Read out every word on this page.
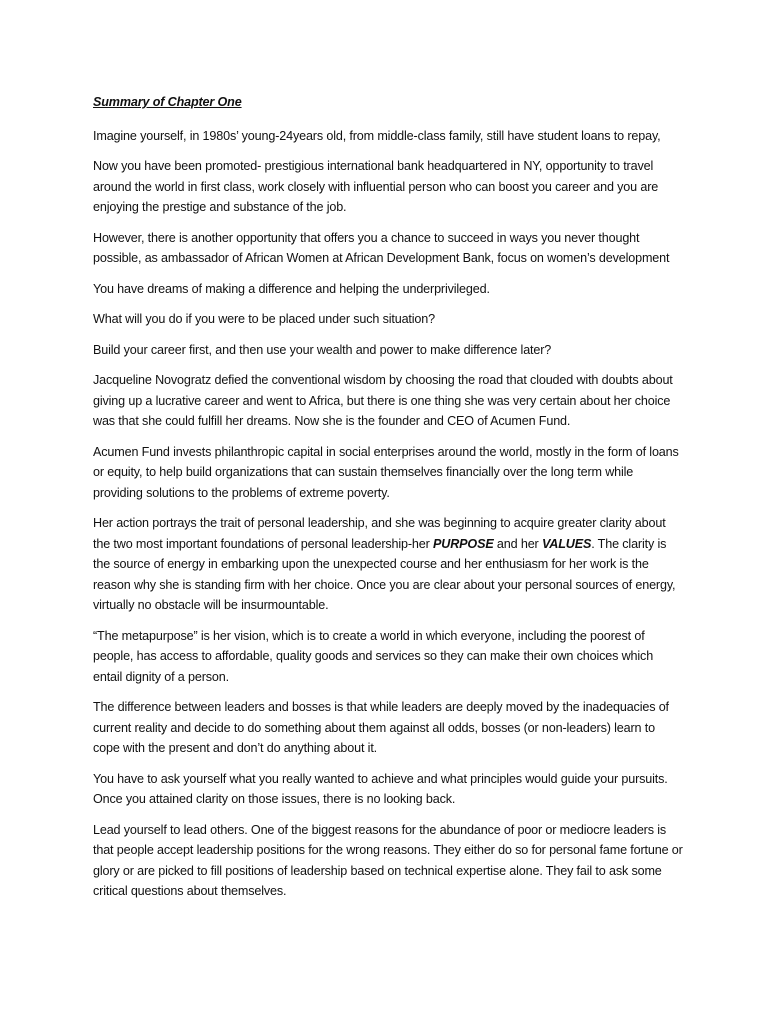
Summary of Chapter One

Imagine yourself, in 1980s’ young-24years old, from middle-class family, still have student loans to repay,

Now you have been promoted- prestigious international bank headquartered in NY, opportunity to travel around the world in first class, work closely with influential person who can boost you career and you are enjoying the prestige and substance of the job.

However, there is another opportunity that offers you a chance to succeed in ways you never thought possible, as ambassador of African Women at African Development Bank, focus on women’s development

You have dreams of making a difference and helping the underprivileged.

What will you do if you were to be placed under such situation?

Build your career first, and then use your wealth and power to make difference later?

Jacqueline Novogratz defied the conventional wisdom by choosing the road that clouded with doubts about giving up a lucrative career and went to Africa, but there is one thing she was very certain about her choice was that she could fulfill her dreams. Now she is the founder and CEO of Acumen Fund.

Acumen Fund invests philanthropic capital in social enterprises around the world, mostly in the form of loans or equity, to help build organizations that can sustain themselves financially over the long term while providing solutions to the problems of extreme poverty.

Her action portrays the trait of personal leadership, and she was beginning to acquire greater clarity about the two most important foundations of personal leadership-her PURPOSE and her VALUES. The clarity is the source of energy in embarking upon the unexpected course and her enthusiasm for her work is the reason why she is standing firm with her choice. Once you are clear about your personal sources of energy, virtually no obstacle will be insurmountable.

“The metapurpose” is her vision, which is to create a world in which everyone, including the poorest of people, has access to affordable, quality goods and services so they can make their own choices which entail dignity of a person.

The difference between leaders and bosses is that while leaders are deeply moved by the inadequacies of current reality and decide to do something about them against all odds, bosses (or non-leaders) learn to cope with the present and don’t do anything about it.

You have to ask yourself what you really wanted to achieve and what principles would guide your pursuits. Once you attained clarity on those issues, there is no looking back.

Lead yourself to lead others. One of the biggest reasons for the abundance of poor or mediocre leaders is that people accept leadership positions for the wrong reasons. They either do so for personal fame fortune or glory or are picked to fill positions of leadership based on technical expertise alone. They fail to ask some critical questions about themselves.
